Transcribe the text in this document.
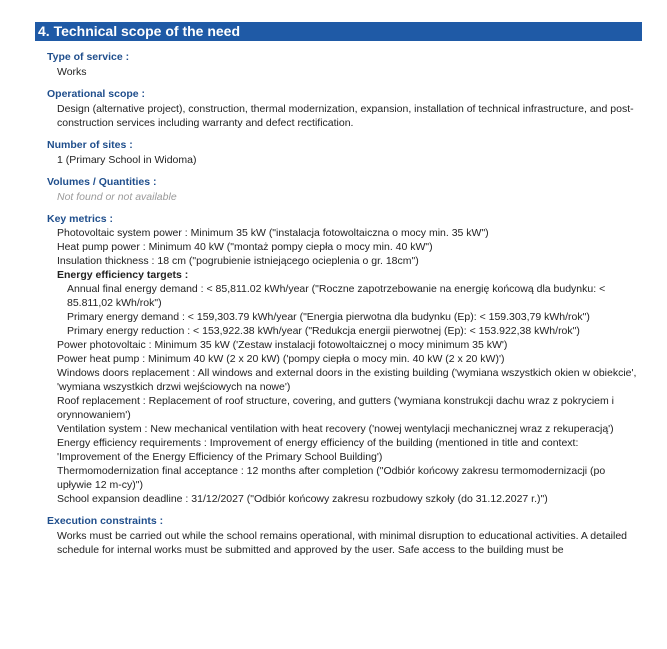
4. Technical scope of the need
Type of service :
Works
Operational scope :
Design (alternative project), construction, thermal modernization, expansion, installation of technical infrastructure, and post-construction services including warranty and defect rectification.
Number of sites :
1 (Primary School in Widoma)
Volumes / Quantities :
Not found or not available
Key metrics :
Photovoltaic system power : Minimum 35 kW ("instalacja fotowoltaiczna o mocy min. 35 kW")
Heat pump power : Minimum 40 kW ("montaż pompy ciepła o mocy min. 40 kW")
Insulation thickness : 18 cm ("pogrubienie istniejącego ocieplenia o gr. 18cm")
Energy efficiency targets :
Annual final energy demand : < 85,811.02 kWh/year ("Roczne zapotrzebowanie na energię końcową dla budynku: < 85.811,02 kWh/rok")
Primary energy demand : < 159,303.79 kWh/year ("Energia pierwotna dla budynku (Ep): < 159.303,79 kWh/rok")
Primary energy reduction : < 153,922.38 kWh/year ("Redukcja energii pierwotnej (Ep): < 153.922,38 kWh/rok")
Power photovoltaic : Minimum 35 kW ('Zestaw instalacji fotowoltaicznej o mocy minimum 35 kW')
Power heat pump : Minimum 40 kW (2 x 20 kW) ('pompy ciepła o mocy min. 40 kW (2 x 20 kW)')
Windows doors replacement : All windows and external doors in the existing building ('wymiana wszystkich okien w obiekcie', 'wymiana wszystkich drzwi wejściowych na nowe')
Roof replacement : Replacement of roof structure, covering, and gutters ('wymiana konstrukcji dachu wraz z pokryciem i orynnowaniem')
Ventilation system : New mechanical ventilation with heat recovery ('nowej wentylacji mechanicznej wraz z rekuperacją')
Energy efficiency requirements : Improvement of energy efficiency of the building (mentioned in title and context: 'Improvement of the Energy Efficiency of the Primary School Building')
Thermomodernization final acceptance : 12 months after completion ("Odbiór końcowy zakresu termomodernizacji (po upływie 12 m-cy)")
School expansion deadline : 31/12/2027 ("Odbiór końcowy zakresu rozbudowy szkoły (do 31.12.2027 r.)")
Execution constraints :
Works must be carried out while the school remains operational, with minimal disruption to educational activities. A detailed schedule for internal works must be submitted and approved by the user. Safe access to the building must be
